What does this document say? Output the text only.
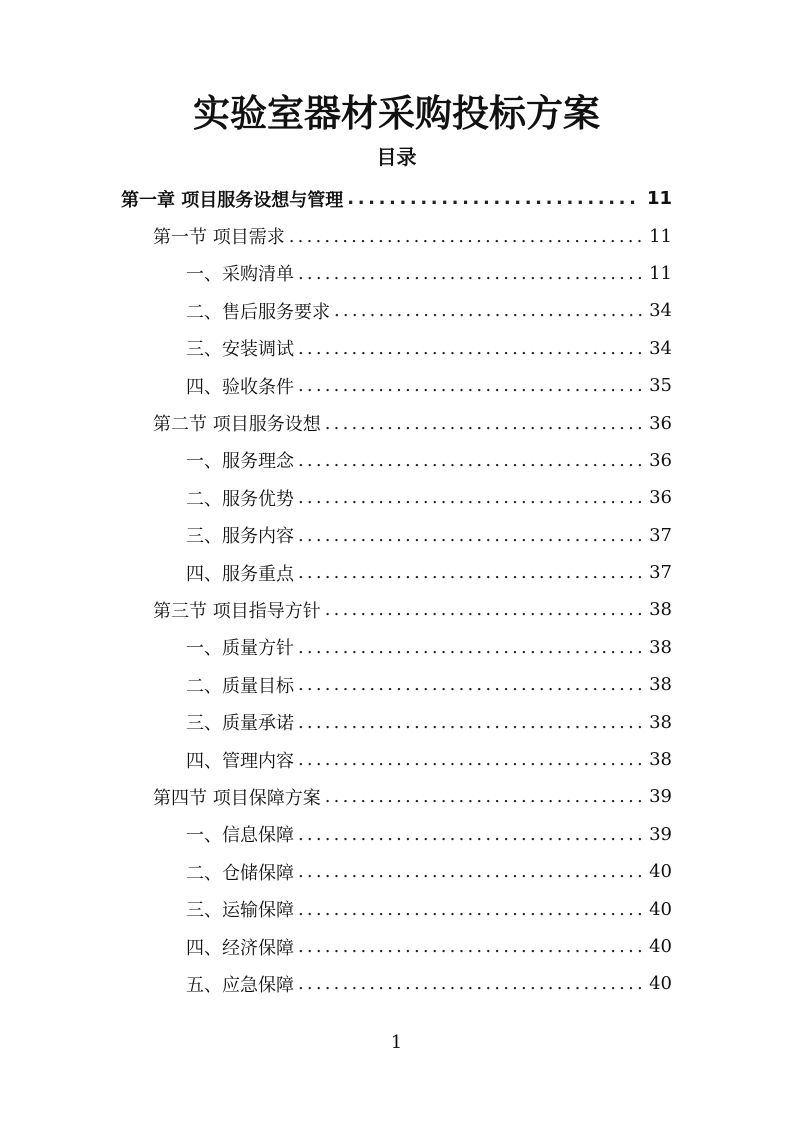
实验室器材采购投标方案
目录
第一章 项目服务设想与管理 .....	11
第一节 项目需求 .....	11
一、采购清单 .....	11
二、售后服务要求 .....	34
三、安装调试 .....	34
四、验收条件 .....	35
第二节 项目服务设想 .....	36
一、服务理念 .....	36
二、服务优势 .....	36
三、服务内容 .....	37
四、服务重点 .....	37
第三节 项目指导方针 .....	38
一、质量方针 .....	38
二、质量目标 .....	38
三、质量承诺 .....	38
四、管理内容 .....	38
第四节 项目保障方案 .....	39
一、信息保障 .....	39
二、仓储保障 .....	40
三、运输保障 .....	40
四、经济保障 .....	40
五、应急保障 .....	40
1
